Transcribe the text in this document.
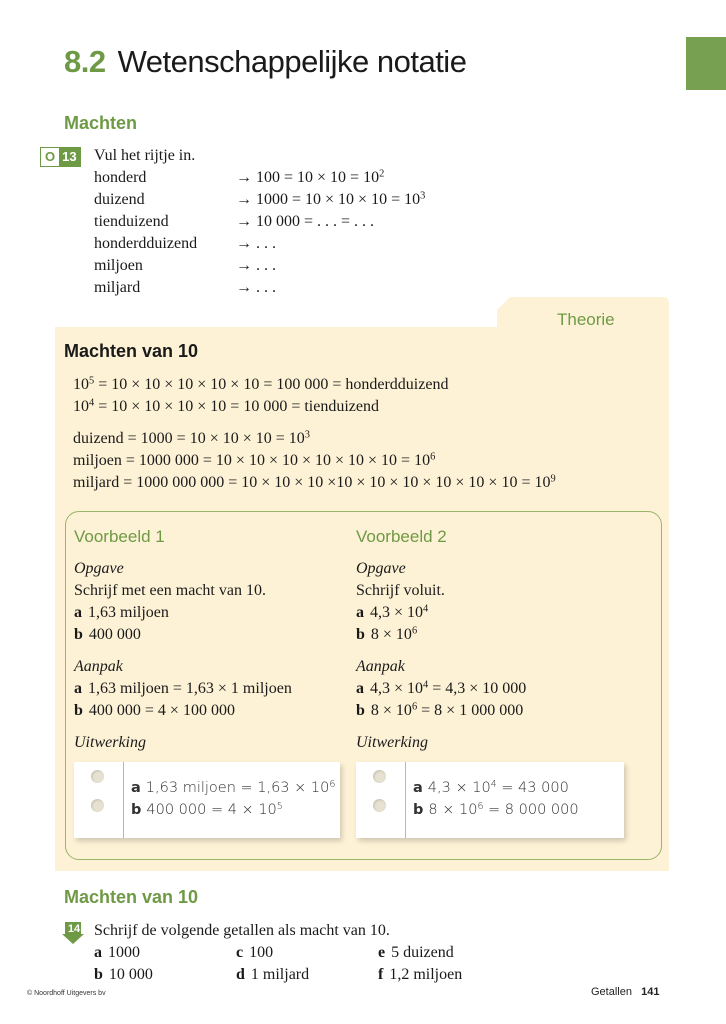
8.2 Wetenschappelijke notatie
Machten
O 13 Vul het rijtje in.
honderd	→ $100 = 10 \times 10 = 10^2$
duizend	→ $1000 = 10 \times 10 \times 10 = 10^3$
tienduizend	→ 10 000 = . . . = . . .
honderdduizend	→ . . .
miljoen	→ . . .
miljard	→ . . .
Theorie
Machten van 10
$10^5 = 10 \times 10 \times 10 \times 10 \times 10 = 100$ 000 = honderdduizend
$10^4 = 10 \times 10 \times 10 \times 10 = 10$ 000 = tienduizend
duizend = $1000 = 10 \times 10 \times 10 = 10^3$
miljoen = 1000 $000 = 10 \times 10 \times 10 \times 10 \times 10 \times 10 = 10^6$
miljard = 1000 000 $000 = 10 \times 10 \times 10 \times 10 \times 10 \times 10 \times 10 \times 10 \times 10 = 10^9$
Voorbeeld 1
Opgave
Schrijf met een macht van 10.
a 1,63 miljoen
b 400 000
Aanpak
a 1,63 miljoen = 1,63 × 1 miljoen
b 400 000 = 4 × 100 000
Uitwerking
Voorbeeld 2
Opgave
Schrijf voluit.
a $4,3 \times 10^4$
b $8 \times 10^6$
Aanpak
a $4,3 \times 10^4 = 4,3 \times 10$ 000
b $8 \times 10^6 = 8 \times 1$ 000 000
Uitwerking
a 1,63 miljoen = $1,63 \times 10^6$
b 400 $000 = 4 \times 10^5$
a $4,3 \times 10^4 = 43$ 000
b $8 \times 10^6 = 8$ 000 000
Machten van 10
14 Schrijf de volgende getallen als macht van 10.
a 1000	c 100	e 5 duizend
b 10 000	d 1 miljard	f 1,2 miljoen
© Noordhoff Uitgevers bv	Getallen 141
